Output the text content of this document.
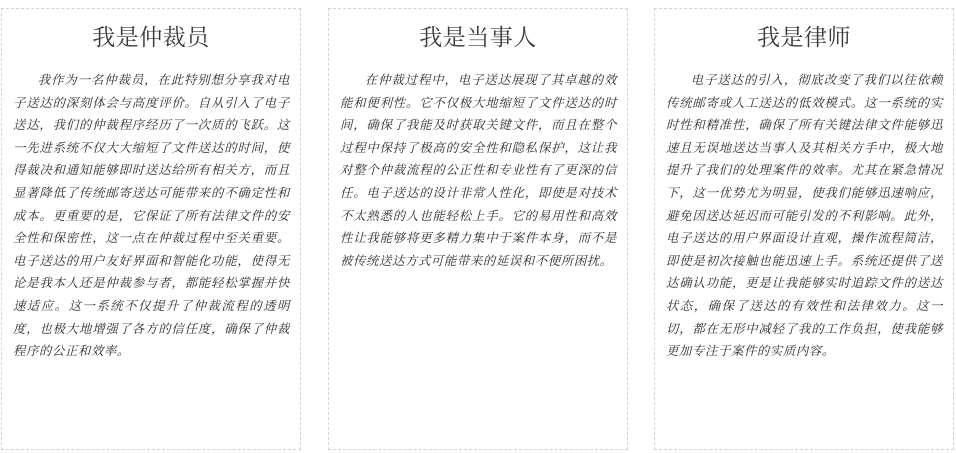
我是仲裁员

我作为一名仲裁员，在此特别想分享我对电子送达的深刻体会与高度评价。自从引入了电子送达，我们的仲裁程序经历了一次质的飞跃。这一先进系统不仅大大缩短了文件送达的时间，使得裁决和通知能够即时送达给所有相关方，而且显著降低了传统邮寄送达可能带来的不确定性和成本。更重要的是，它保证了所有法律文件的安全性和保密性，这一点在仲裁过程中至关重要。电子送达的用户友好界面和智能化功能，使得无论是我本人还是仲裁参与者，都能轻松掌握并快速适应。这一系统不仅提升了仲裁流程的透明度，也极大地增强了各方的信任度，确保了仲裁程序的公正和效率。

我是当事人

在仲裁过程中，电子送达展现了其卓越的效能和便利性。它不仅极大地缩短了文件送达的时间，确保了我能及时获取关键文件，而且在整个过程中保持了极高的安全性和隐私保护，这让我对整个仲裁流程的公正性和专业性有了更深的信任。电子送达的设计非常人性化，即使是对技术不太熟悉的人也能轻松上手。它的易用性和高效性让我能够将更多精力集中于案件本身，而不是被传统送达方式可能带来的延误和不便所困扰。

我是律师

电子送达的引入，彻底改变了我们以往依赖传统邮寄或人工送达的低效模式。这一系统的实时性和精准性，确保了所有关键法律文件能够迅速且无误地送达当事人及其相关方手中，极大地提升了我们的处理案件的效率。尤其在紧急情况下，这一优势尤为明显，使我们能够迅速响应，避免因送达延迟而可能引发的不利影响。此外，电子送达的用户界面设计直观，操作流程简洁，即使是初次接触也能迅速上手。系统还提供了送达确认功能，更是让我能够实时追踪文件的送达状态，确保了送达的有效性和法律效力。这一切，都在无形中减轻了我的工作负担，使我能够更加专注于案件的实质内容。
